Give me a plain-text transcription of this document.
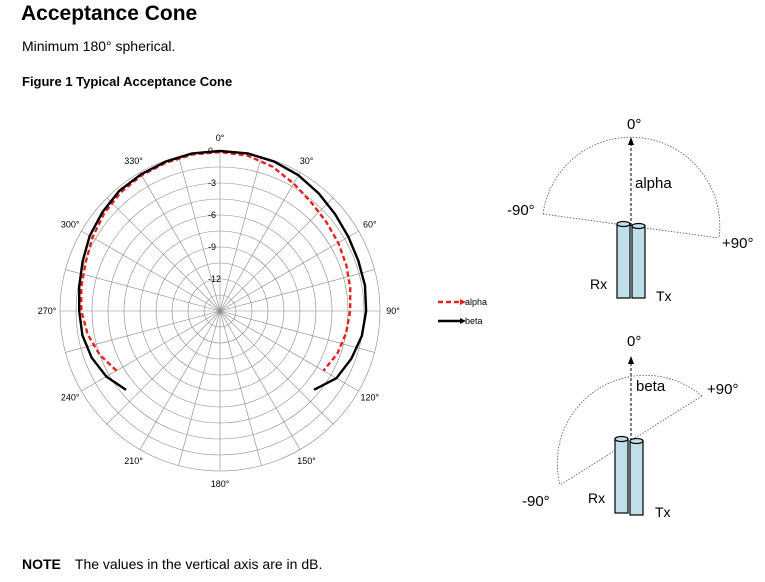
Acceptance Cone
Minimum 180° spherical.
Figure 1 Typical Acceptance Cone
0°
30°
60°
90°
120°
150°
180°
210°
240°
270°
300°
330°
0
-3
-6
-9
-12
alpha
beta
0°
-90°
+90°
alpha
Rx
Tx
0°
-90°
+90°
beta
Rx
Tx
NOTE The values in the vertical axis are in dB.
